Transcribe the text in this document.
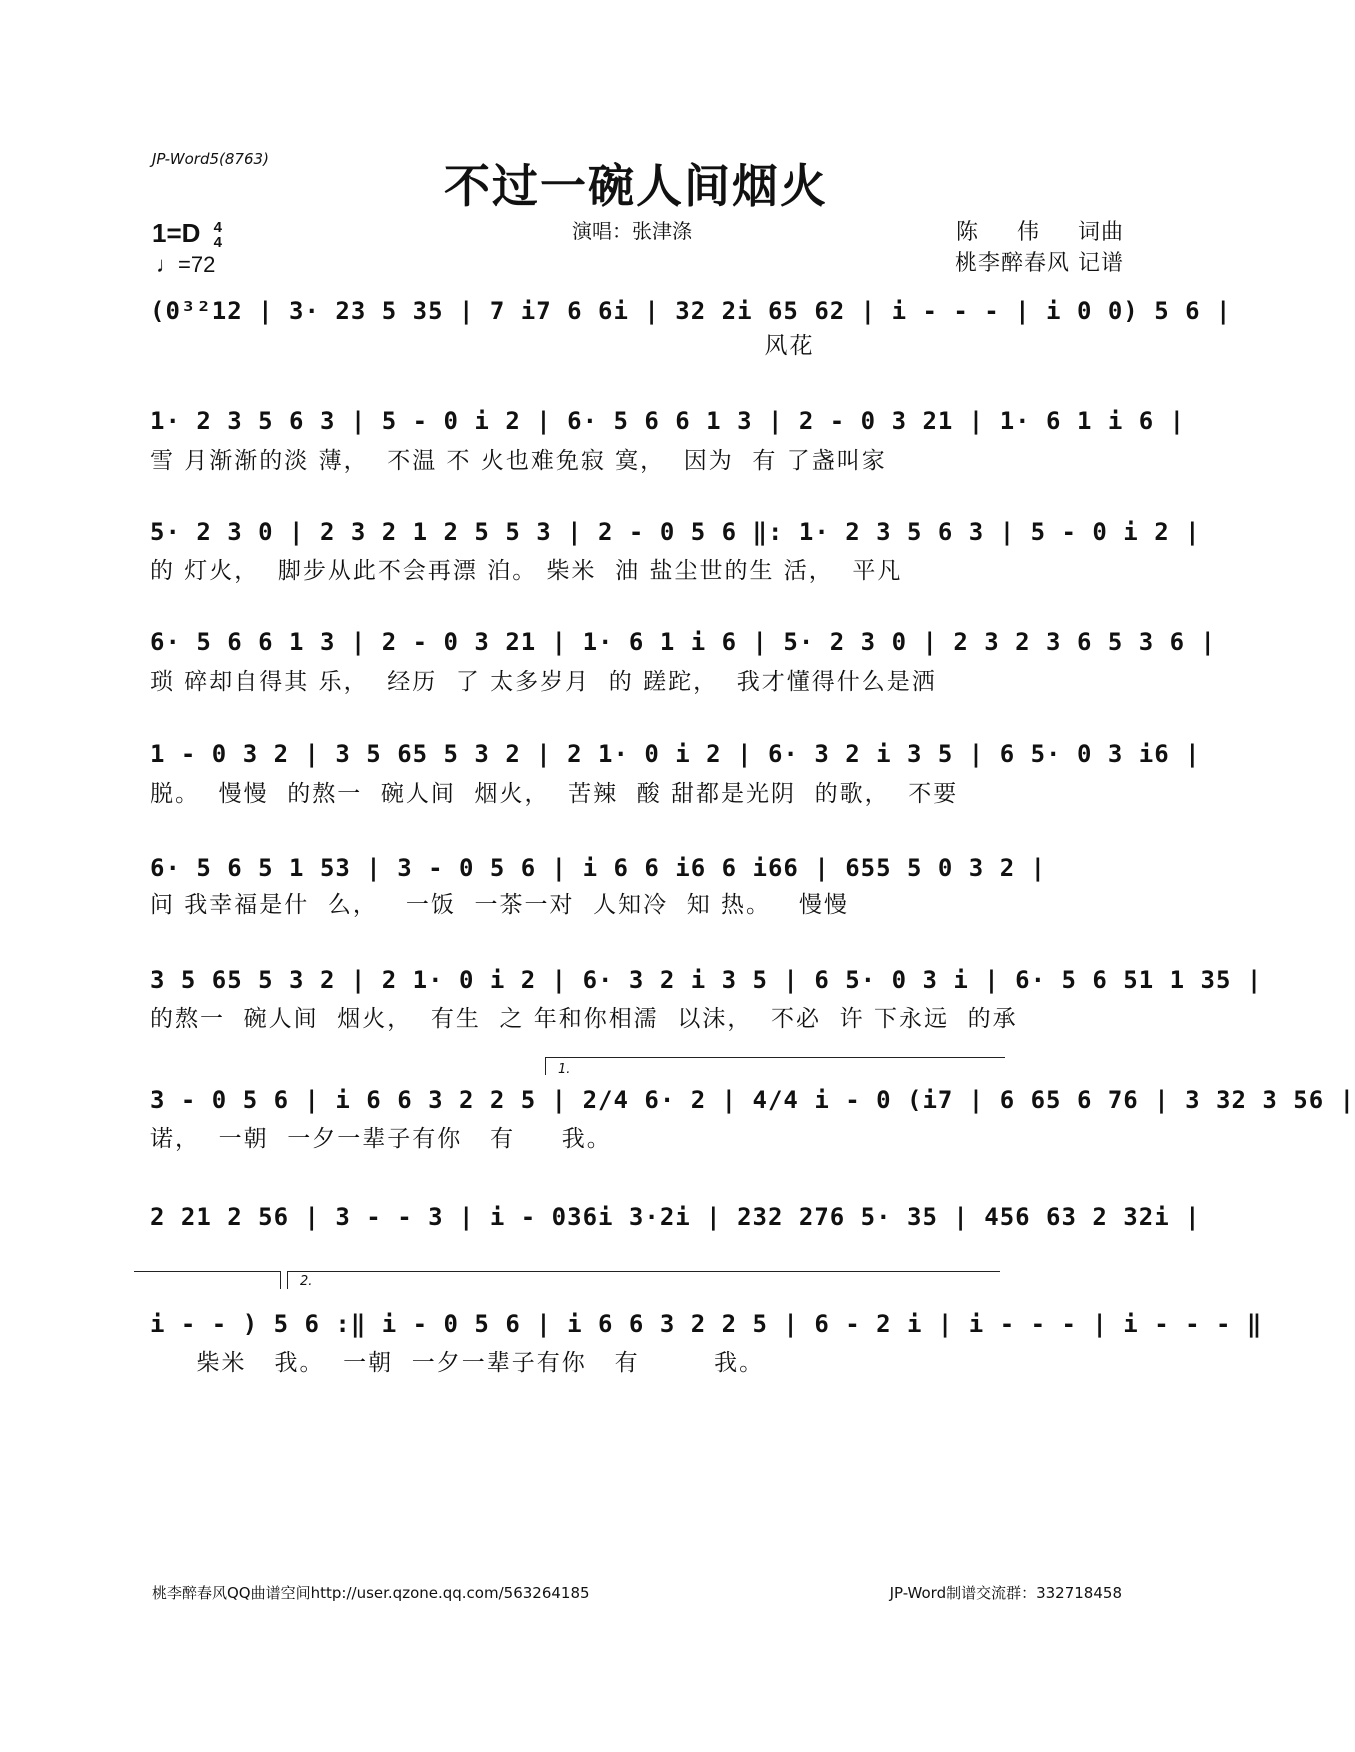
JP-Word5(8763)	不过一碗人间烟火
1=D 4
4
♩=72
演唱：张津涤	陈 伟 词曲
桃李醉春风 记谱
(0³²12 | 3· 23 5 35 | 7 i7 6 6i | 32 2i 65 62 | i - - - | i 0 0) 5 6 |
风花
1· 2 3 5 6 3 | 5 - 0 i 2 | 6· 5 6 6 1 3 | 2 - 0 3 21 | 1· 6 1 i 6 |
雪 月渐渐的淡 薄，  不温 不 火也难免寂 寞，  因为  有 了盏叫家
5· 2 3 0 | 2 3 2 1 2 5 5 3 | 2 - 0 5 6 ‖: 1· 2 3 5 6 3 | 5 - 0 i 2 |
的 灯火，  脚步从此不会再漂 泊。 柴米  油 盐尘世的生 活，  平凡
6· 5 6 6 1 3 | 2 - 0 3 21 | 1· 6 1 i 6 | 5· 2 3 0 | 2 3 2 3 6 5 3 6 |
琐 碎却自得其 乐，  经历  了 太多岁月  的 蹉跎，  我才懂得什么是洒
1 - 0 3 2 | 3 5 65 5 3 2 | 2 1· 0 i 2 | 6· 3 2 i 3 5 | 6 5· 0 3 i6 |
脱。  慢慢  的熬一  碗人间  烟火，  苦辣  酸 甜都是光阴  的歌，  不要
6· 5 6 5 1 53 | 3 - 0 5 6 | i 6 6 i6 6 i66 | 655 5 0 3 2 |
问 我幸福是什  么，   一饭  一茶一对  人知冷  知 热。   慢慢
3 5 65 5 3 2 | 2 1· 0 i 2 | 6· 3 2 i 3 5 | 6 5· 0 3 i | 6· 5 6 51 1 35 |
的熬一  碗人间  烟火，  有生  之 年和你相濡  以沫，  不必  许 下永远  的承
1.
3 - 0 5 6 | i 6 6 3 2 2 5 | 2/4 6· 2 | 4/4 i - 0 (i7 | 6 65 6 76 | 3 32 3 56 |
诺，  一朝  一夕一辈子有你   有     我。
2 21 2 56 | 3 - - 3 | i - 036i 3·2i | 232 276 5· 35 | 456 63 2 32i |
2.
i - - ) 5 6 :‖ i - 0 5 6 | i 6 6 3 2 2 5 | 6 - 2 i | i - - - | i - - - ‖
柴米   我。  一朝  一夕一辈子有你   有        我。
桃李醉春风QQ曲谱空间http://user.qzone.qq.com/563264185	JP-Word制谱交流群：332718458
